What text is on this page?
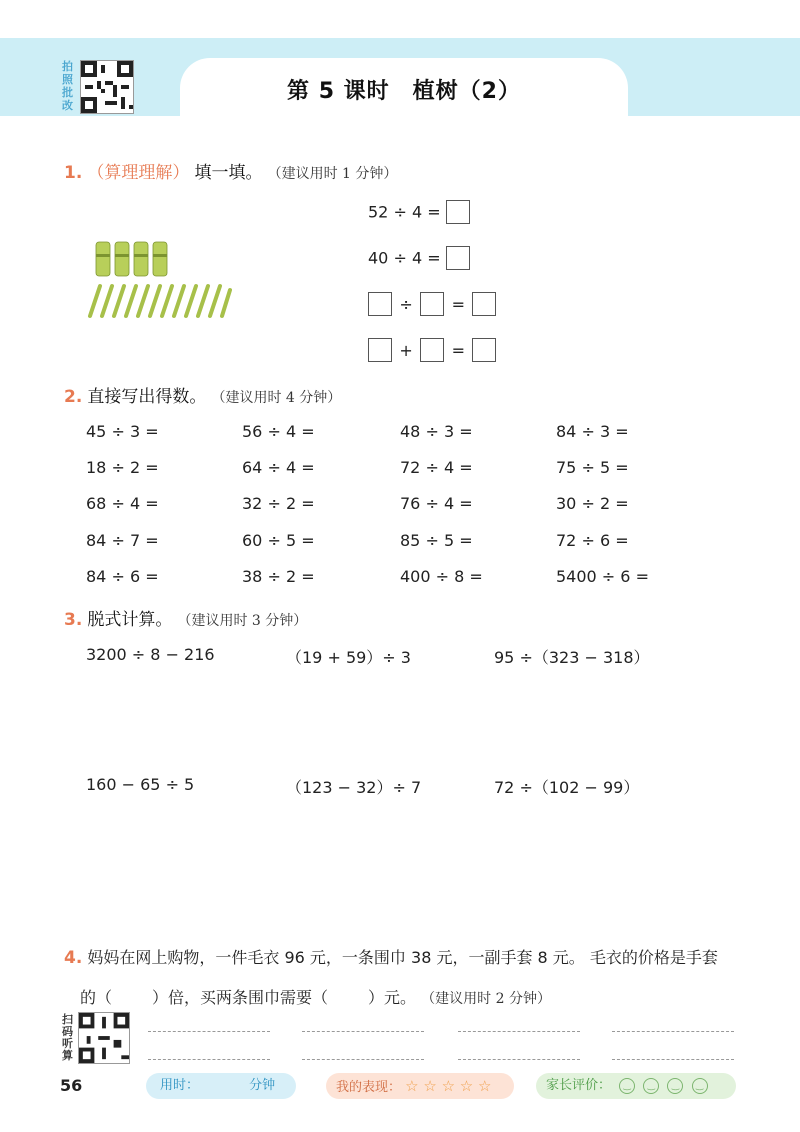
第 5 课时　植树（2）
拍照批改
1. （算理理解） 填一填。 （建议用时 1 分钟）
52 ÷ 4 =
40 ÷ 4 =
÷ =
+ =
2. 直接写出得数。 （建议用时 4 分钟）
45 ÷ 3 =	56 ÷ 4 =	48 ÷ 3 =	84 ÷ 3 =
18 ÷ 2 =	64 ÷ 4 =	72 ÷ 4 =	75 ÷ 5 =
68 ÷ 4 =	32 ÷ 2 =	76 ÷ 4 =	30 ÷ 2 =
84 ÷ 7 =	60 ÷ 5 =	85 ÷ 5 =	72 ÷ 6 =
84 ÷ 6 =	38 ÷ 2 =	400 ÷ 8 =	5400 ÷ 6 =
3. 脱式计算。 （建议用时 3 分钟）
3200 ÷ 8 − 216	（19 + 59）÷ 3	95 ÷（323 − 318）
160 − 65 ÷ 5	（123 − 32）÷ 7	72 ÷（102 − 99）
4. 妈妈在网上购物，一件毛衣 96 元，一条围巾 38 元，一副手套 8 元。 毛衣的价格是手套
的（	）倍，买两条围巾需要（	）元。 （建议用时 2 分钟）
扫码听算
56	用时：	分钟	我的表现： ☆ ☆ ☆ ☆ ☆	家长评价： ‿ ‿ ‿ ‿
